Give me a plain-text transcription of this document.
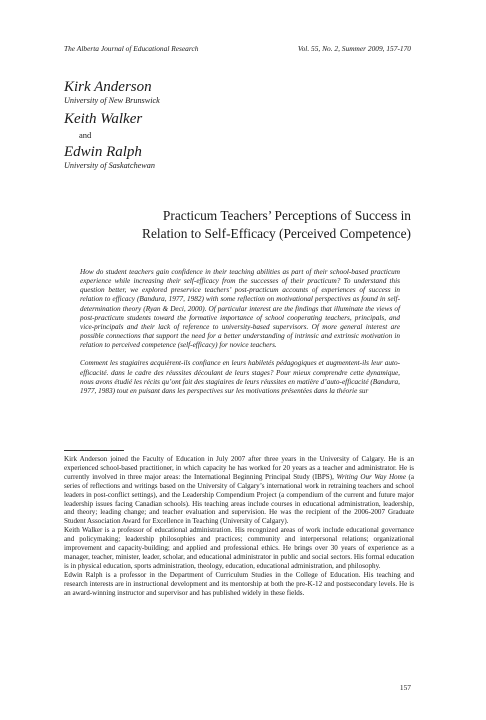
The Alberta Journal of Educational Research	Vol. 55, No. 2, Summer 2009, 157-170

Kirk Anderson

University of New Brunswick

Keith Walker

and

Edwin Ralph

University of Saskatchewan

Practicum Teachers’ Perceptions of Success in
Relation to Self-Efficacy (Perceived Competence)

How do student teachers gain confidence in their teaching abilities as part of their school-based practicum experience while increasing their self-efficacy from the successes of their practicum? To understand this question better, we explored preservice teachers’ post-practicum accounts of experiences of success in relation to efficacy (Bandura, 1977, 1982) with some reflection on motivational perspectives as found in self-determination theory (Ryan & Deci, 2000). Of particular interest are the findings that illuminate the views of post-practicum students toward the formative importance of school cooperating teachers, principals, and vice-principals and their lack of reference to university-based supervisors. Of more general interest are possible connections that support the need for a better understanding of intrinsic and extrinsic motivation in relation to perceived competence (self-efficacy) for novice teachers.

Comment les stagiaires acquièrent-ils confiance en leurs habiletés pédagogiques et augmentent-ils leur auto-efficacité. dans le cadre des réussites découlant de leurs stages? Pour mieux comprendre cette dynamique, nous avons étudié les récits qu’ont fait des stagiaires de leurs réussites en matière d’auto-efficacité (Bandura, 1977, 1983) tout en puisant dans les perspectives sur les motivations présentées dans la théorie sur

Kirk Anderson joined the Faculty of Education in July 2007 after three years in the University of Calgary. He is an experienced school-based practitioner, in which capacity he has worked for 20 years as a teacher and administrator. He is currently involved in three major areas: the International Beginning Principal Study (IBPS), Writing Our Way Home (a series of reflections and writings based on the University of Calgary’s international work in retraining teachers and school leaders in post-conflict settings), and the Leadership Compendium Project (a compendium of the current and future major leadership issues facing Canadian schools). His teaching areas include courses in educational administration, leadership, and theory; leading change; and teacher evaluation and supervision. He was the recipient of the 2006-2007 Graduate Student Association Award for Excellence in Teaching (University of Calgary).

Keith Walker is a professor of educational administration. His recognized areas of work include educational governance and policymaking; leadership philosophies and practices; community and interpersonal relations; organizational improvement and capacity-building; and applied and professional ethics. He brings over 30 years of experience as a manager, teacher, minister, leader, scholar, and educational administrator in public and social sectors. His formal education is in physical education, sports administration, theology, education, educational administration, and philosophy.

Edwin Ralph is a professor in the Department of Curriculum Studies in the College of Education. His teaching and research interests are in instructional development and its mentorship at both the pre-K-12 and postsecondary levels. He is an award-winning instructor and supervisor and has published widely in these fields.

157
